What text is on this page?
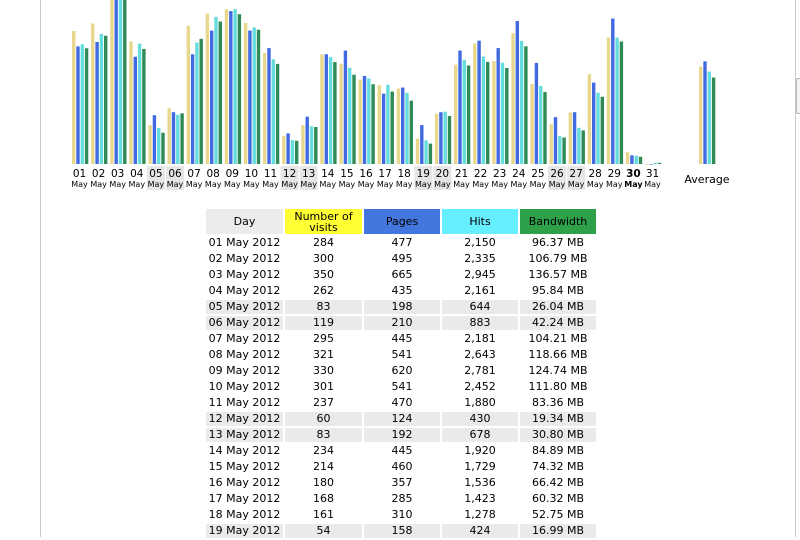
01
May
02
May
03
May
04
May
05
May
06
May
07
May
08
May
09
May
10
May
11
May
12
May
13
May
14
May
15
May
16
May
17
May
18
May
19
May
20
May
21
May
22
May
23
May
24
May
25
May
26
May
27
May
28
May
29
May
30
May
31
May Average
Day	Number of visits	Pages	Hits	Bandwidth
01 May 2012	284	477	2,150	96.37 MB
02 May 2012	300	495	2,335	106.79 MB
03 May 2012	350	665	2,945	136.57 MB
04 May 2012	262	435	2,161	95.84 MB
05 May 2012	83	198	644	26.04 MB
06 May 2012	119	210	883	42.24 MB
07 May 2012	295	445	2,181	104.21 MB
08 May 2012	321	541	2,643	118.66 MB
09 May 2012	330	620	2,781	124.74 MB
10 May 2012	301	541	2,452	111.80 MB
11 May 2012	237	470	1,880	83.36 MB
12 May 2012	60	124	430	19.34 MB
13 May 2012	83	192	678	30.80 MB
14 May 2012	234	445	1,920	84.89 MB
15 May 2012	214	460	1,729	74.32 MB
16 May 2012	180	357	1,536	66.42 MB
17 May 2012	168	285	1,423	60.32 MB
18 May 2012	161	310	1,278	52.75 MB
19 May 2012	54	158	424	16.99 MB
